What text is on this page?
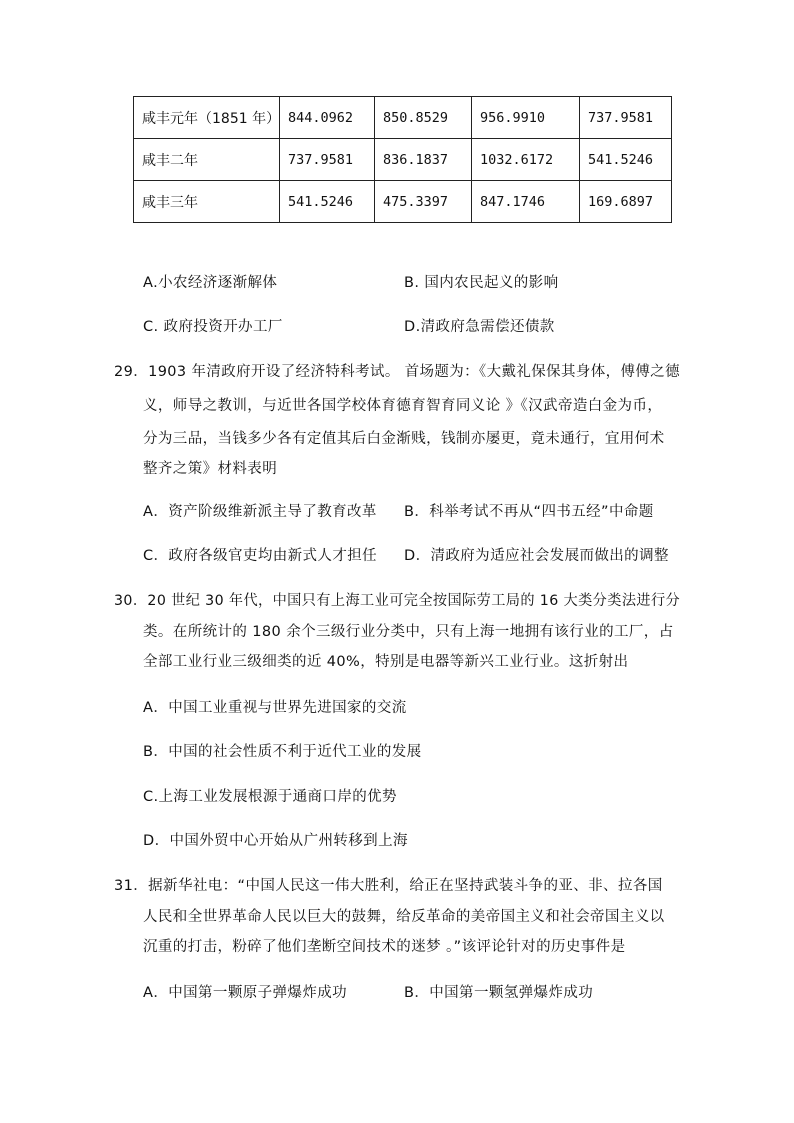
咸丰元年（1851 年）	844.0962	850.8529	956.9910	737.9581
咸丰二年	737.9581	836.1837	1032.6172	541.5246
咸丰三年	541.5246	475.3397	847.1746	169.6897
A.小农经济逐渐解体	B. 国内农民起义的影响
C. 政府投资开办工厂	D.清政府急需偿还债款
29．1903 年清政府开设了经济特科考试。 首场题为：《大戴礼保保其身体，傅傅之德
义，师导之教训，与近世各国学校体育德育智育同义论 》《汉武帝造白金为币，
分为三品，当钱多少各有定值其后白金渐贱，钱制亦屡更，竟未通行，宜用何术
整齐之策》材料表明
A．资产阶级维新派主导了教育改革 B．科举考试不再从“四书五经”中命题
C．政府各级官吏均由新式人才担任 D．清政府为适应社会发展而做出的调整
30．20 世纪 30 年代，中国只有上海工业可完全按国际劳工局的 16 大类分类法进行分
类。在所统计的 180 余个三级行业分类中，只有上海一地拥有该行业的工厂，占
全部工业行业三级细类的近 40%，特别是电器等新兴工业行业。这折射出
A．中国工业重视与世界先进国家的交流
B．中国的社会性质不利于近代工业的发展
C.上海工业发展根源于通商口岸的优势
D．中国外贸中心开始从广州转移到上海
31．据新华社电：“中国人民这一伟大胜利，给正在坚持武装斗争的亚、非、拉各国
人民和全世界革命人民以巨大的鼓舞，给反革命的美帝国主义和社会帝国主义以
沉重的打击，粉碎了他们垄断空间技术的迷梦 。”该评论针对的历史事件是
A．中国第一颗原子弹爆炸成功	B．中国第一颗氢弹爆炸成功
